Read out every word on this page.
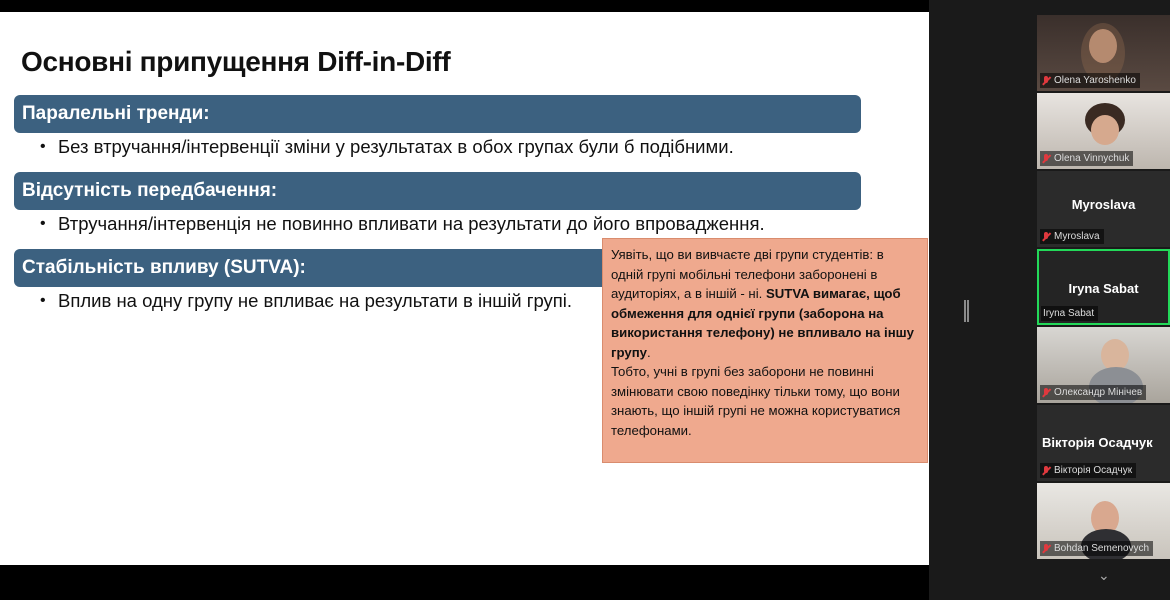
Основні припущення Diff-in-Diff
Паралельні тренди:
• Без втручання/інтервенції зміни у результатах в обох групах були б подібними.
Відсутність передбачення:
• Втручання/інтервенція не повинно впливати на результати до його впровадження.
Стабільність впливу (SUTVA):
• Вплив на одну групу не впливає на результати в іншій групі.
Уявіть, що ви вивчаєте дві групи студентів: в одній групі мобільні телефони заборонені в аудиторіях, а в іншій - ні. SUTVA вимагає, щоб обмеження для однієї групи (заборона на використання телефону) не впливало на іншу групу.
Тобто, учні в групі без заборони не повинні змінювати свою поведінку тільки тому, що вони знають, що іншій групі не можна користуватися телефонами.
Olena Yaroshenko
Olena Vinnychuk
Myroslava
Myroslava
Iryna Sabat
Iryna Sabat
Олександр Мінічев
Вікторія Осадчук
Вікторія Осадчук
Bohdan Semenovych
⌄
